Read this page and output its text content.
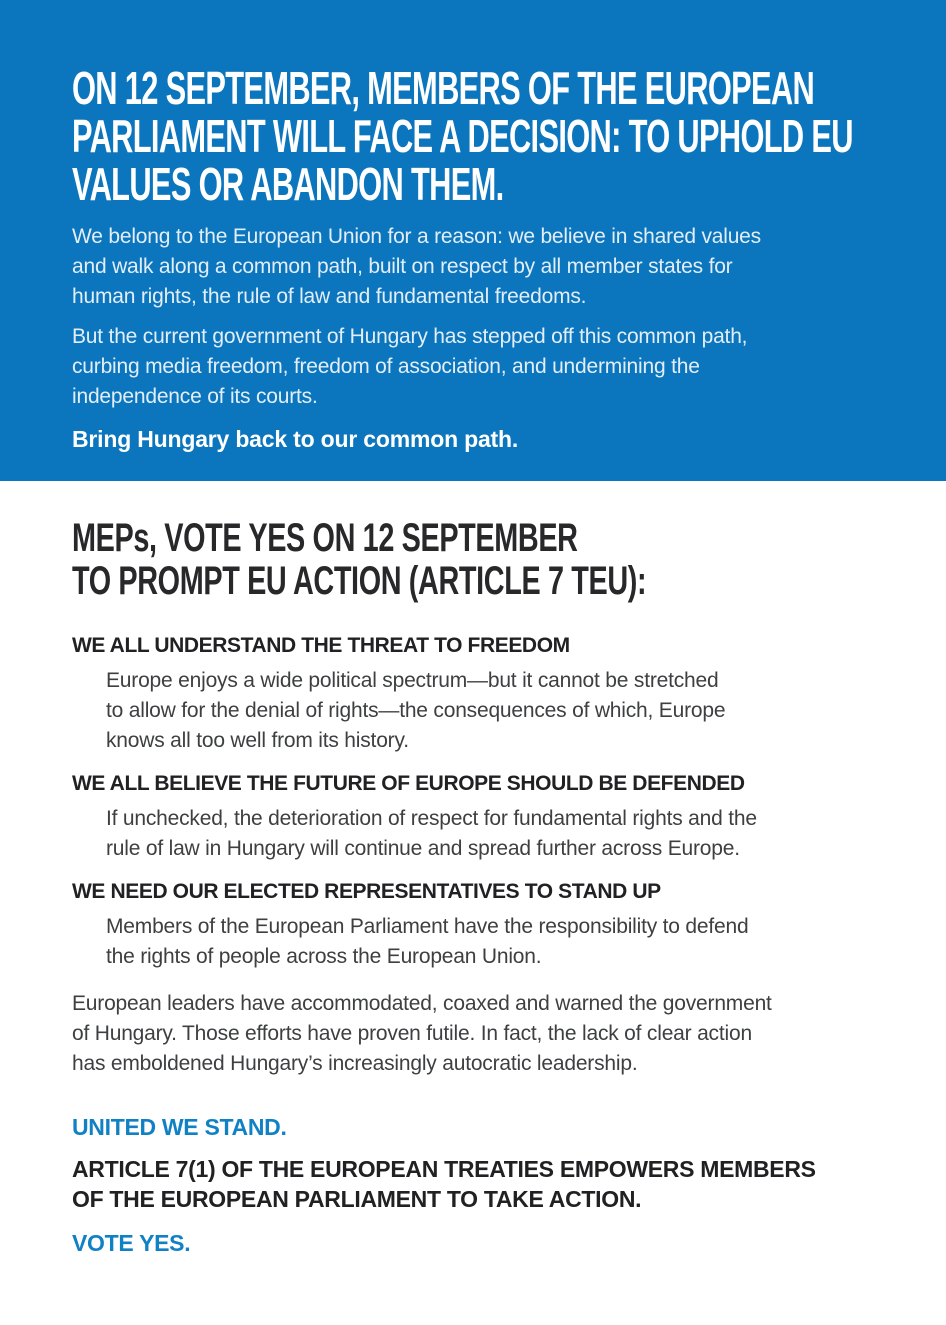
ON 12 SEPTEMBER, MEMBERS OF THE EUROPEAN
PARLIAMENT WILL FACE A DECISION: TO UPHOLD EU
VALUES OR ABANDON THEM.

We belong to the European Union for a reason: we believe in shared values
and walk along a common path, built on respect by all member states for
human rights, the rule of law and fundamental freedoms.

But the current government of Hungary has stepped off this common path,
curbing media freedom, freedom of association, and undermining the
independence of its courts.

Bring Hungary back to our common path.

MEPs, VOTE YES ON 12 SEPTEMBER
TO PROMPT EU ACTION (ARTICLE 7 TEU):
WE ALL UNDERSTAND THE THREAT TO FREEDOM

Europe enjoys a wide political spectrum—but it cannot be stretched
to allow for the denial of rights—the consequences of which, Europe
knows all too well from its history.

WE ALL BELIEVE THE FUTURE OF EUROPE SHOULD BE DEFENDED

If unchecked, the deterioration of respect for fundamental rights and the
rule of law in Hungary will continue and spread further across Europe.

WE NEED OUR ELECTED REPRESENTATIVES TO STAND UP

Members of the European Parliament have the responsibility to defend
the rights of people across the European Union.

European leaders have accommodated, coaxed and warned the government
of Hungary. Those efforts have proven futile. In fact, the lack of clear action
has emboldened Hungary’s increasingly autocratic leadership.

UNITED WE STAND.

ARTICLE 7(1) OF THE EUROPEAN TREATIES EMPOWERS MEMBERS
OF THE EUROPEAN PARLIAMENT TO TAKE ACTION.

VOTE YES.
